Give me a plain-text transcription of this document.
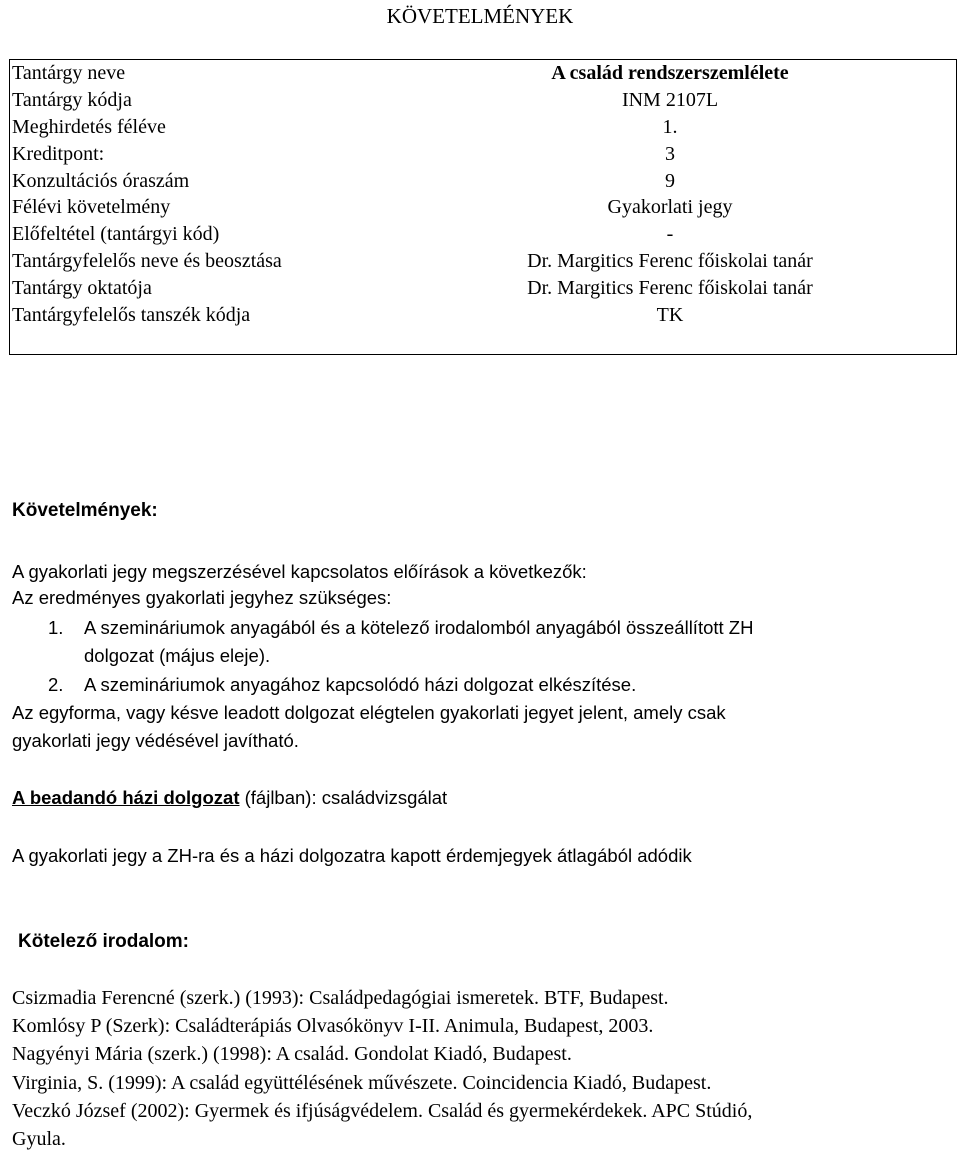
KÖVETELMÉNYEK
Tantárgy neve	A család rendszerszemlélete
Tantárgy kódja	INM 2107L
Meghirdetés féléve	1.
Kreditpont:	3
Konzultációs óraszám	9
Félévi követelmény	Gyakorlati jegy
Előfeltétel (tantárgyi kód)	-
Tantárgyfelelős neve és beosztása	Dr. Margitics Ferenc főiskolai tanár
Tantárgy oktatója	Dr. Margitics Ferenc főiskolai tanár
Tantárgyfelelős tanszék kódja	TK
Követelmények:
A gyakorlati jegy megszerzésével kapcsolatos előírások a következők:
Az eredményes gyakorlati jegyhez szükséges:
1. A szemináriumok anyagából és a kötelező irodalomból anyagából összeállított ZH
dolgozat (május eleje).
2. A szemináriumok anyagához kapcsolódó házi dolgozat elkészítése.
Az egyforma, vagy késve leadott dolgozat elégtelen gyakorlati jegyet jelent, amely csak
gyakorlati jegy védésével javítható.
A beadandó házi dolgozat (fájlban): családvizsgálat
A gyakorlati jegy a ZH-ra és a házi dolgozatra kapott érdemjegyek átlagából adódik
Kötelező irodalom:
Csizmadia Ferencné (szerk.) (1993): Családpedagógiai ismeretek. BTF, Budapest.
Komlósy P (Szerk): Családterápiás Olvasókönyv I-II. Animula, Budapest, 2003.
Nagyényi Mária (szerk.) (1998): A család. Gondolat Kiadó, Budapest.
Virginia, S. (1999): A család együttélésének művészete. Coincidencia Kiadó, Budapest.
Veczkó József (2002): Gyermek és ifjúságvédelem. Család és gyermekérdekek. APC Stúdió,
Gyula.
